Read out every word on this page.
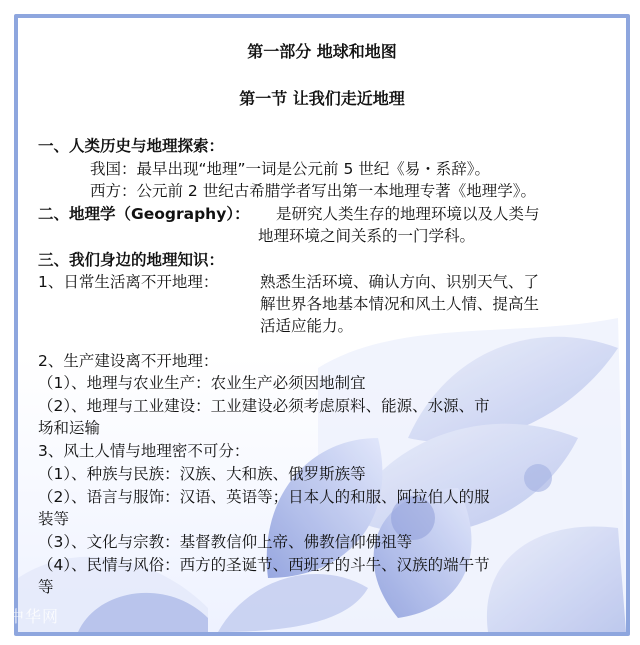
第一部分 地球和地图
第一节 让我们走近地理
一、人类历史与地理探索：
我国：最早出现“地理”一词是公元前 5 世纪《易・系辞》。
西方：公元前 2 世纪古希腊学者写出第一本地理专著《地理学》。
二、地理学（Geography）： 是研究人类生存的地理环境以及人类与
地理环境之间关系的一门学科。
三、我们身边的地理知识：
1、日常生活离不开地理：	熟悉生活环境、确认方向、识别天气、了
解世界各地基本情况和风土人情、提高生
活适应能力。
2、生产建设离不开地理：
（1）、地理与农业生产：农业生产必须因地制宜
（2）、地理与工业建设：工业建设必须考虑原料、能源、水源、市
场和运输
3、风土人情与地理密不可分：
（1）、种族与民族：汉族、大和族、俄罗斯族等
（2）、语言与服饰：汉语、英语等；日本人的和服、阿拉伯人的服
装等
（3）、文化与宗教：基督教信仰上帝、佛教信仰佛祖等
（4）、民情与风俗：西方的圣诞节、西班牙的斗牛、汉族的端午节
等
中华网
